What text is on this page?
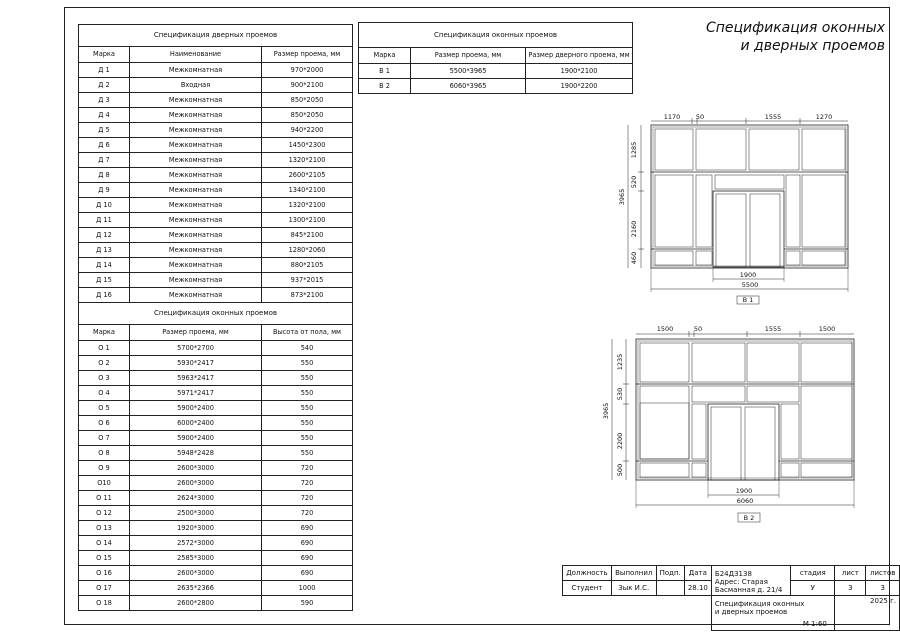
Спецификация оконных
и дверных проемов
Спецификация дверных проемов		
Марка	Наименование	Размер проема, мм
Д 1	Межкомнатная	970*2000
Д 2	Входная	900*2100
Д 3	Межкомнатная	850*2050
Д 4	Межкомнатная	850*2050
Д 5	Межкомнатная	940*2200
Д 6	Межкомнатная	1450*2300
Д 7	Межкомнатная	1320*2100
Д 8	Межкомнатная	2600*2105
Д 9	Межкомнатная	1340*2100
Д 10	Межкомнатная	1320*2100
Д 11	Межкомнатная	1300*2100
Д 12	Межкомнатная	845*2100
Д 13	Межкомнатная	1280*2060
Д 14	Межкомнатная	880*2105
Д 15	Межкомнатная	937*2015
Д 16	Межкомнатная	873*2100
Спецификация оконных проемов		
Марка	Размер проема, мм	Высота от пола, мм
О 1	5700*2700	540
О 2	5930*2417	550
О 3	5963*2417	550
О 4	5971*2417	550
О 5	5900*2400	550
О 6	6000*2400	550
О 7	5900*2400	550
О 8	5948*2428	550
О 9	2600*3000	720
О10	2600*3000	720
О 11	2624*3000	720
О 12	2500*3000	720
О 13	1920*3000	690
О 14	2572*3000	690
О 15	2585*3000	690
О 16	2600*3000	690
О 17	2635*2366	1000
О 18	2600*2800	590
Спецификация оконных проемов		
Марка	Размер проема, мм	Размер дверного проема, мм
В 1	5500*3965	1900*2100
В 2	6060*3965	1900*2200
1170 50	1555	1270
1285
520
2160
460
3965
1900
5500
В 1
1500	50	1555	1500
1235
530
2200
500
3965
1900
6060
В 2
Должность	Выполнил	Подп.	Дата	Б24ДЗ138
Адрес: Старая
Басманная д. 21/4	стадия	лист	листов
Студент	Зык И.С.		28.10		У	3	3

				Спецификация оконных
и дверных проемов
М 1:60		2025 г.	
